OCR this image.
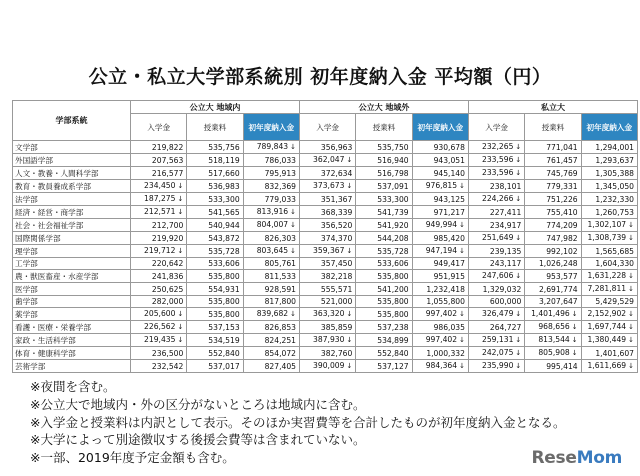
公立・私立大学部系統別 初年度納入金 平均額（円）
学部系統	公立大 地域内			公立大 地域外			私立大		
	入学金	授業料	初年度納入金	入学金	授業料	初年度納入金	入学金	授業料	初年度納入金
文学部	219,822	535,756	789,843 ↓	356,963	535,750	930,678	232,265 ↓	771,041	1,294,001
外国語学部	207,563	518,119	786,033	362,047 ↓	516,940	943,051	233,596 ↓	761,457	1,293,637
人文・教養・人間科学部	216,577	517,660	795,913	372,634	516,798	945,140	233,596 ↓	745,769	1,305,388
教育・教員養成系学部	234,450 ↓	536,983	832,369	373,673 ↓	537,091	976,815 ↓	238,101	779,331	1,345,050
法学部	187,275 ↓	533,300	779,033	351,367	533,300	943,125	224,266 ↓	751,226	1,232,330
経済・経営・商学部	212,571 ↓	541,565	813,916 ↓	368,339	541,739	971,217	227,411	755,410	1,260,753
社会・社会福祉学部	212,700	540,944	804,007 ↓	356,520	541,920	949,994 ↓	234,917	774,209	1,302,107 ↓
国際関係学部	219,920	543,872	826,303	374,370	544,208	985,420	251,649 ↓	747,982	1,308,739 ↓
理学部	219,712 ↓	535,728	803,645 ↓	359,367 ↓	535,728	947,194 ↓	239,135	992,102	1,565,685
工学部	220,642	533,606	805,761	357,450	533,606	949,417	243,117	1,026,248	1,604,330
農・獣医畜産・水産学部	241,836	535,800	811,533	382,218	535,800	951,915	247,606 ↓	953,577	1,631,228 ↓
医学部	250,625	554,931	928,591	555,571	541,200	1,232,418	1,329,032	2,691,774	7,281,811 ↓
歯学部	282,000	535,800	817,800	521,000	535,800	1,055,800	600,000	3,207,647	5,429,529
薬学部	205,600 ↓	535,800	839,682 ↓	363,320 ↓	535,800	997,402 ↓	326,479 ↓	1,401,496 ↓	2,152,902 ↓
看護・医療・栄養学部	226,562 ↓	537,153	826,853	385,859	537,238	986,035	264,727	968,656 ↓	1,697,744 ↓
家政・生活科学部	219,435 ↓	534,519	824,251	387,930 ↓	534,899	997,402 ↓	259,131 ↓	813,544 ↓	1,380,449 ↓
体育・健康科学部	236,500	552,840	854,072	382,760	552,840	1,000,332	242,075 ↓	805,908 ↓	1,401,607
芸術学部	232,542	537,017	827,405	390,009 ↓	537,127	984,364 ↓	235,990 ↓	995,414	1,611,669 ↓
※夜間を含む。
※公立大で地域内・外の区分がないところは地域内に含む。
※入学金と授業料は内訳として表示。そのほか実習費等を合計したものが初年度納入金となる。
※大学によって別途徴収する後援会費等は含まれていない。
※一部、2019年度予定金額も含む。	ReseMom
